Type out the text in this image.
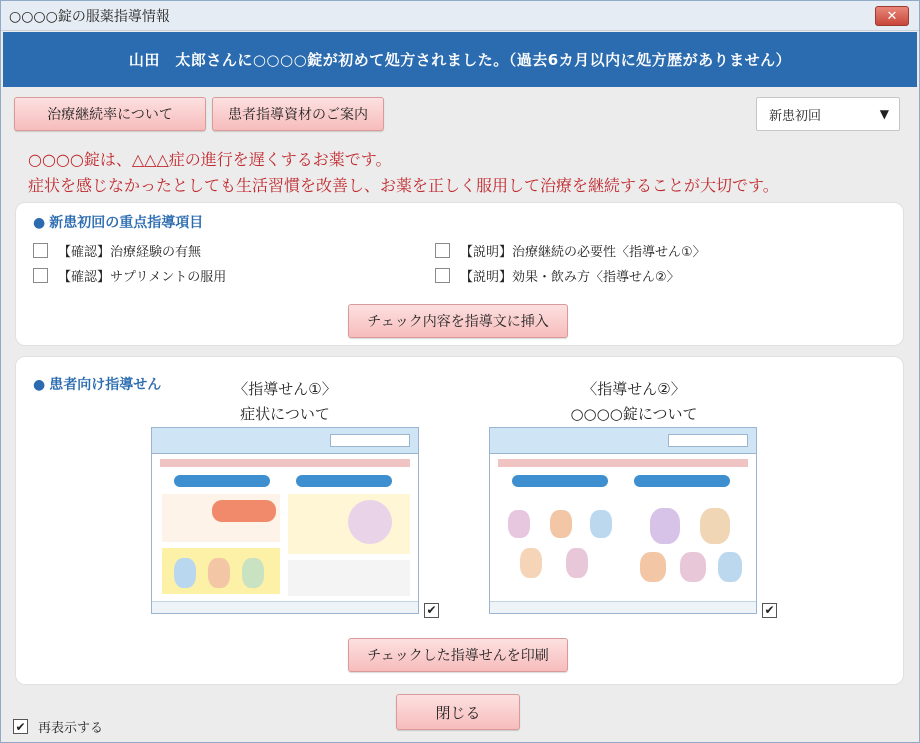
○○○○錠の服薬指導情報	✕
山田　太郎さんに○○○○錠が初めて処方されました。（過去6カ月以内に処方歴がありません）
治療継続率について	患者指導資材のご案内	新患初回	▼
○○○○錠は、△△△症の進行を遅くするお薬です。
症状を感じなかったとしても生活習慣を改善し、お薬を正しく服用して治療を継続することが大切です。
● 新患初回の重点指導項目
【確認】治療経験の有無
【確認】サプリメントの服用
【説明】治療継続の必要性〈指導せん①〉
【説明】効果・飲み方〈指導せん②〉
チェック内容を指導文に挿入
● 患者向け指導せん	〈指導せん①〉
症状について
〈指導せん②〉
○○○○錠について
✔	✔
チェックした指導せんを印刷
閉じる
✔ 再表示する
